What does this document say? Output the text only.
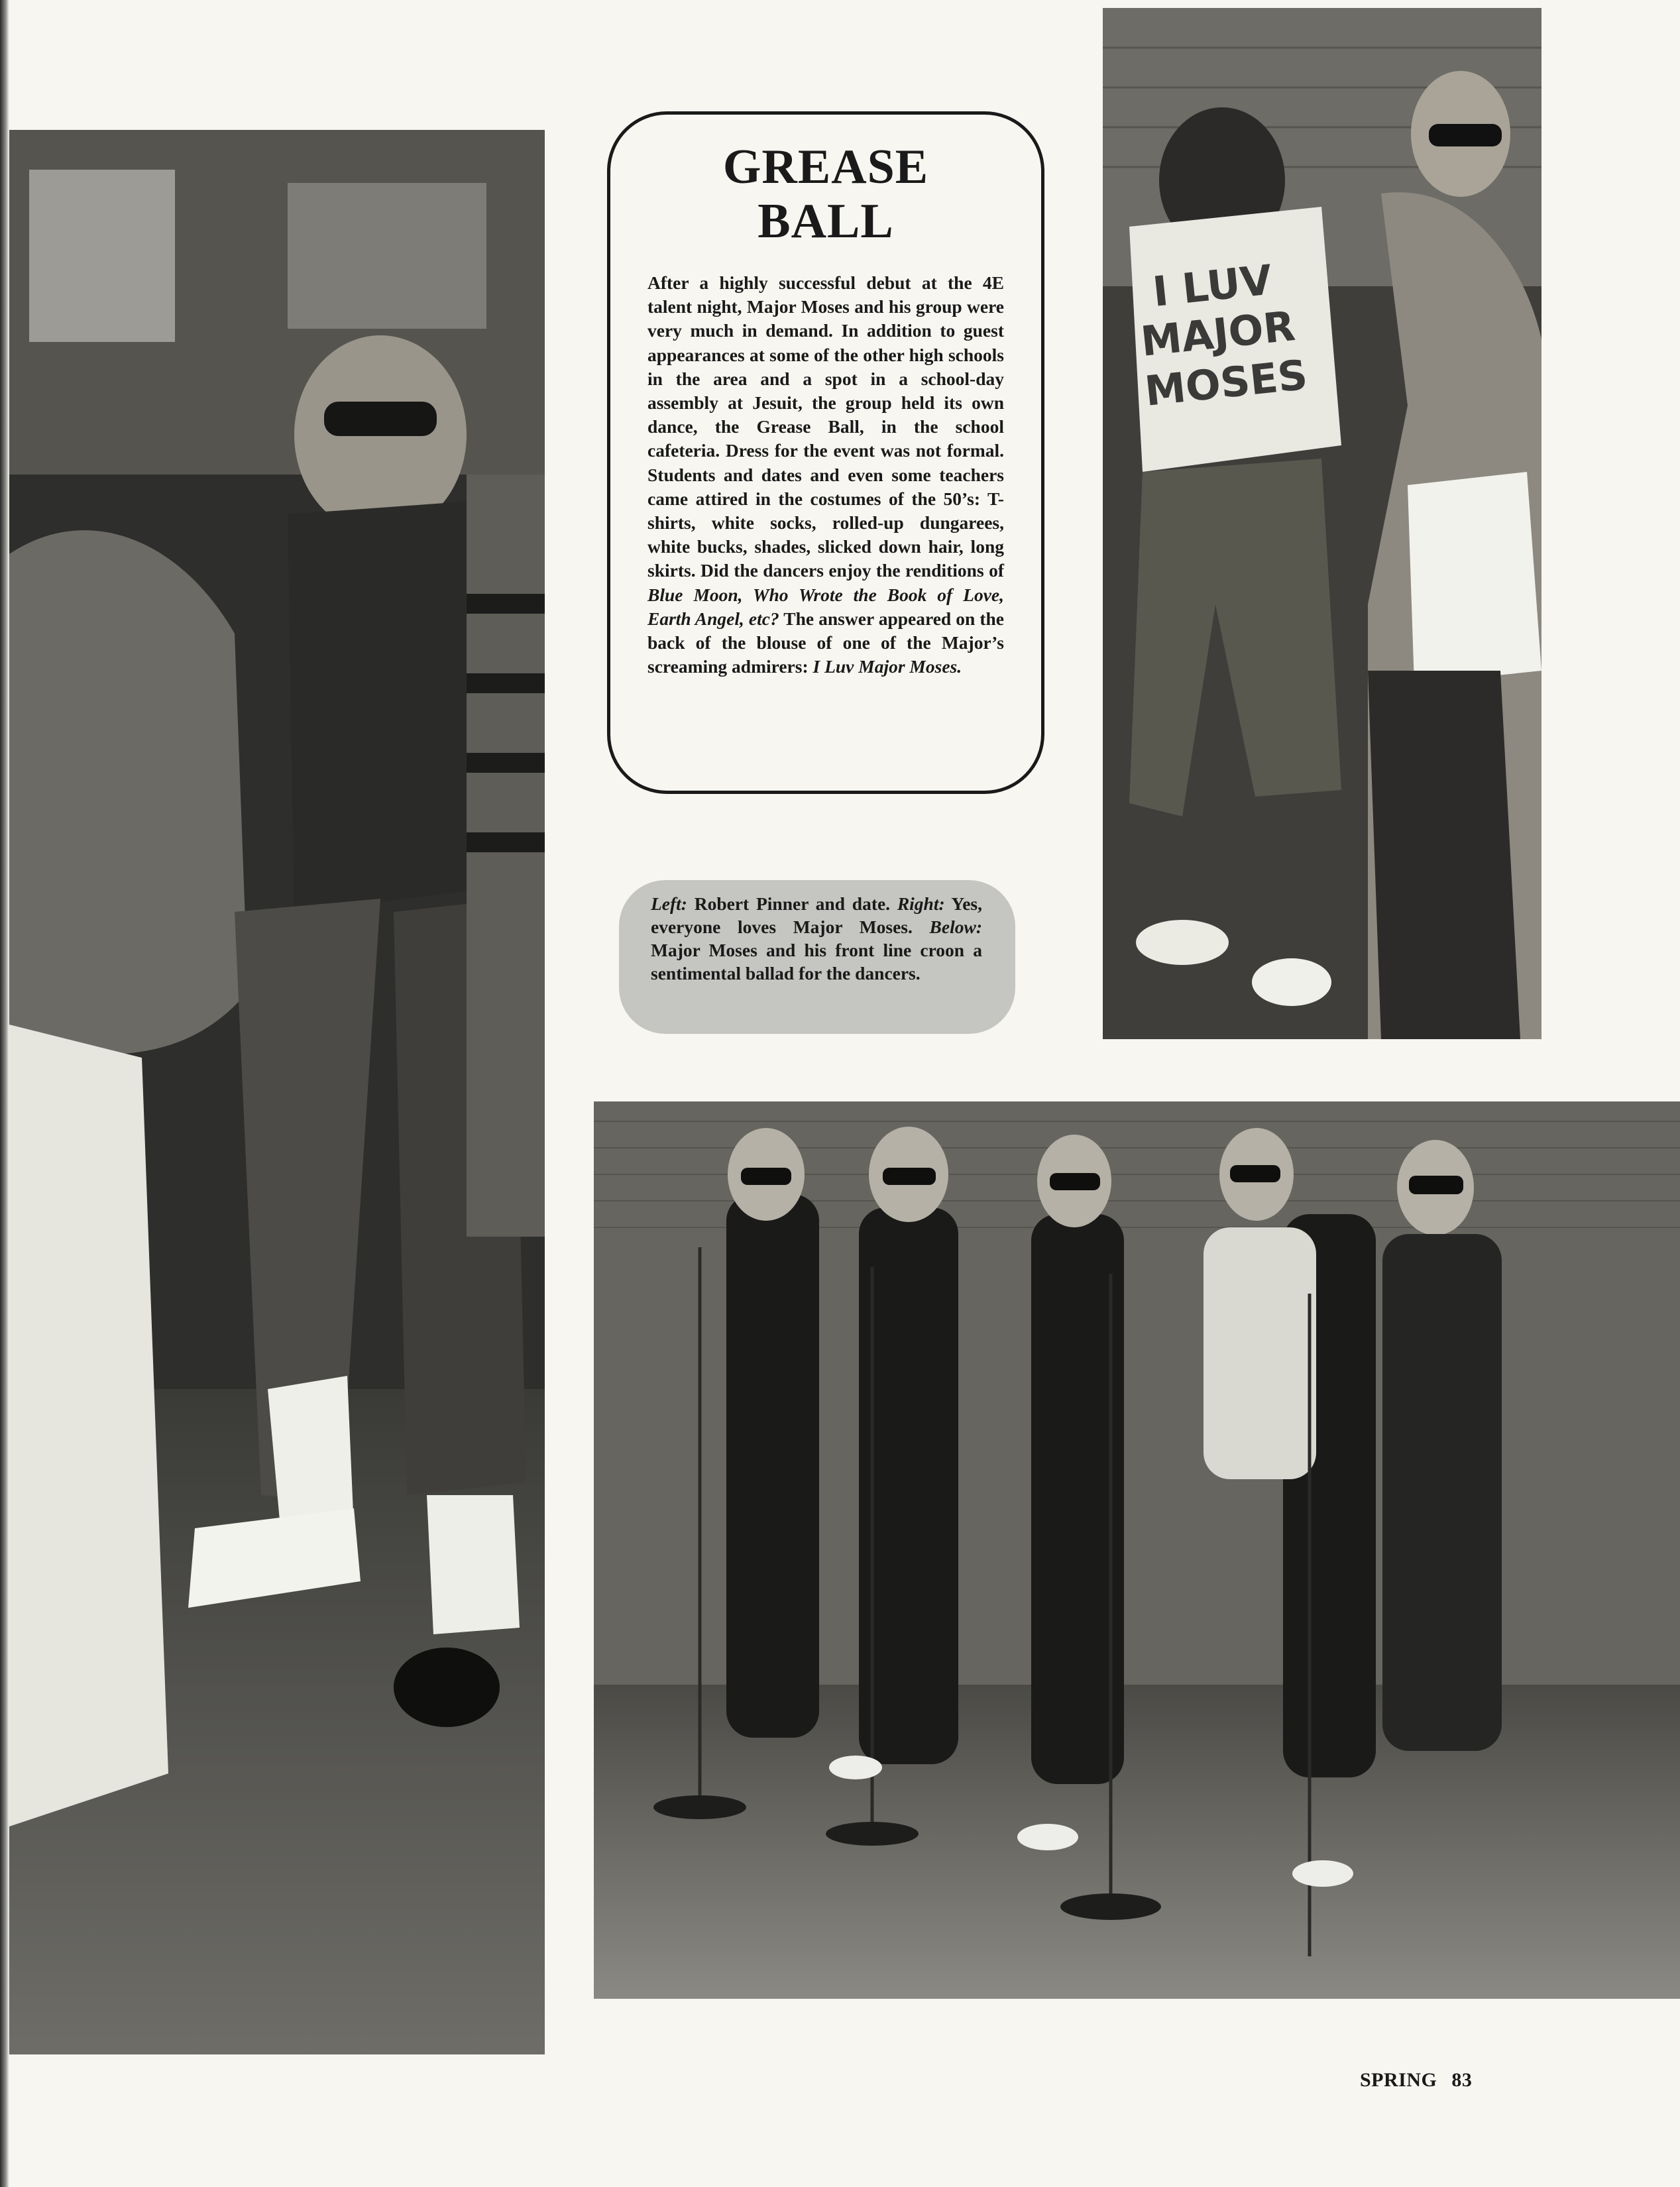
I LUV
MAJOR
MOSES
GREASE
BALL

After a highly successful debut at the 4E talent night, Major Moses and his group were very much in demand. In addition to guest appearances at some of the other high schools in the area and a spot in a school-day assembly at Jesuit, the group held its own dance, the Grease Ball, in the school cafeteria. Dress for the event was not formal. Students and dates and even some teachers came attired in the costumes of the 50’s: T-shirts, white socks, rolled-up dungarees, white bucks, shades, slicked down hair, long skirts. Did the dancers enjoy the renditions of Blue Moon, Who Wrote the Book of Love, Earth Angel, etc? The answer appeared on the back of the blouse of one of the Major’s screaming admirers: I Luv Major Moses.

Left: Robert Pinner and date. Right: Yes, everyone loves Major Moses. Below: Major Moses and his front line croon a sentimental ballad for the dancers.
SPRING 83
